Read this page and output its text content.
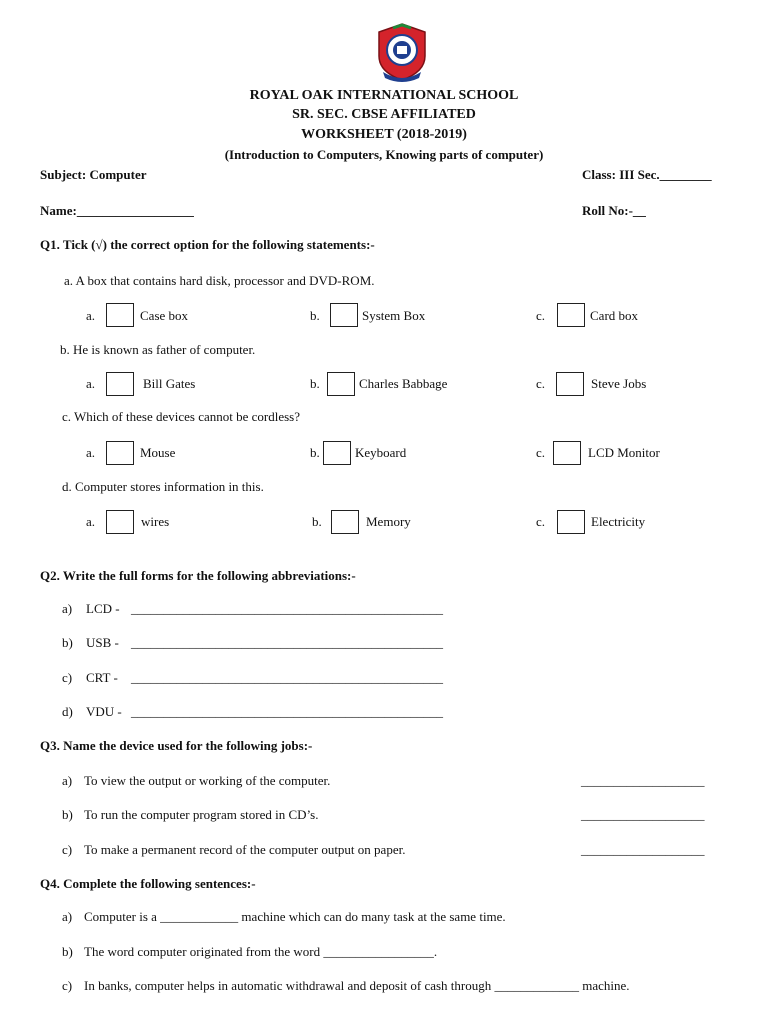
ROYAL OAK INTERNATIONAL SCHOOL
SR. SEC. CBSE AFFILIATED
WORKSHEET (2018-2019)
(Introduction to Computers, Knowing parts of computer)
Subject: Computer	Class: III Sec.________
Name:__________________	Roll No:-__
Q1. Tick (√) the correct option for the following statements:-
a. A box that contains hard disk, processor and DVD-ROM.
a.	Case box	b.	System Box	c.	Card box
b. He is known as father of computer.
a.	Bill Gates	b.	Charles Babbage	c.	Steve Jobs
c. Which of these devices cannot be cordless?
a.	Mouse	b.	Keyboard	c.	LCD Monitor
d. Computer stores information in this.
a.	wires	b.	Memory	c.	Electricity
Q2. Write the full forms for the following abbreviations:-
a) LCD - ________________________________________________
b) USB - ________________________________________________
c) CRT - ________________________________________________
d) VDU - ________________________________________________
Q3. Name the device used for the following jobs:-
a) To view the output or working of the computer.	___________________
b) To run the computer program stored in CD’s.	___________________
c) To make a permanent record of the computer output on paper.	___________________
Q4. Complete the following sentences:-
a) Computer is a ____________ machine which can do many task at the same time.
b) The word computer originated from the word _________________.
c) In banks, computer helps in automatic withdrawal and deposit of cash through _____________ machine.
